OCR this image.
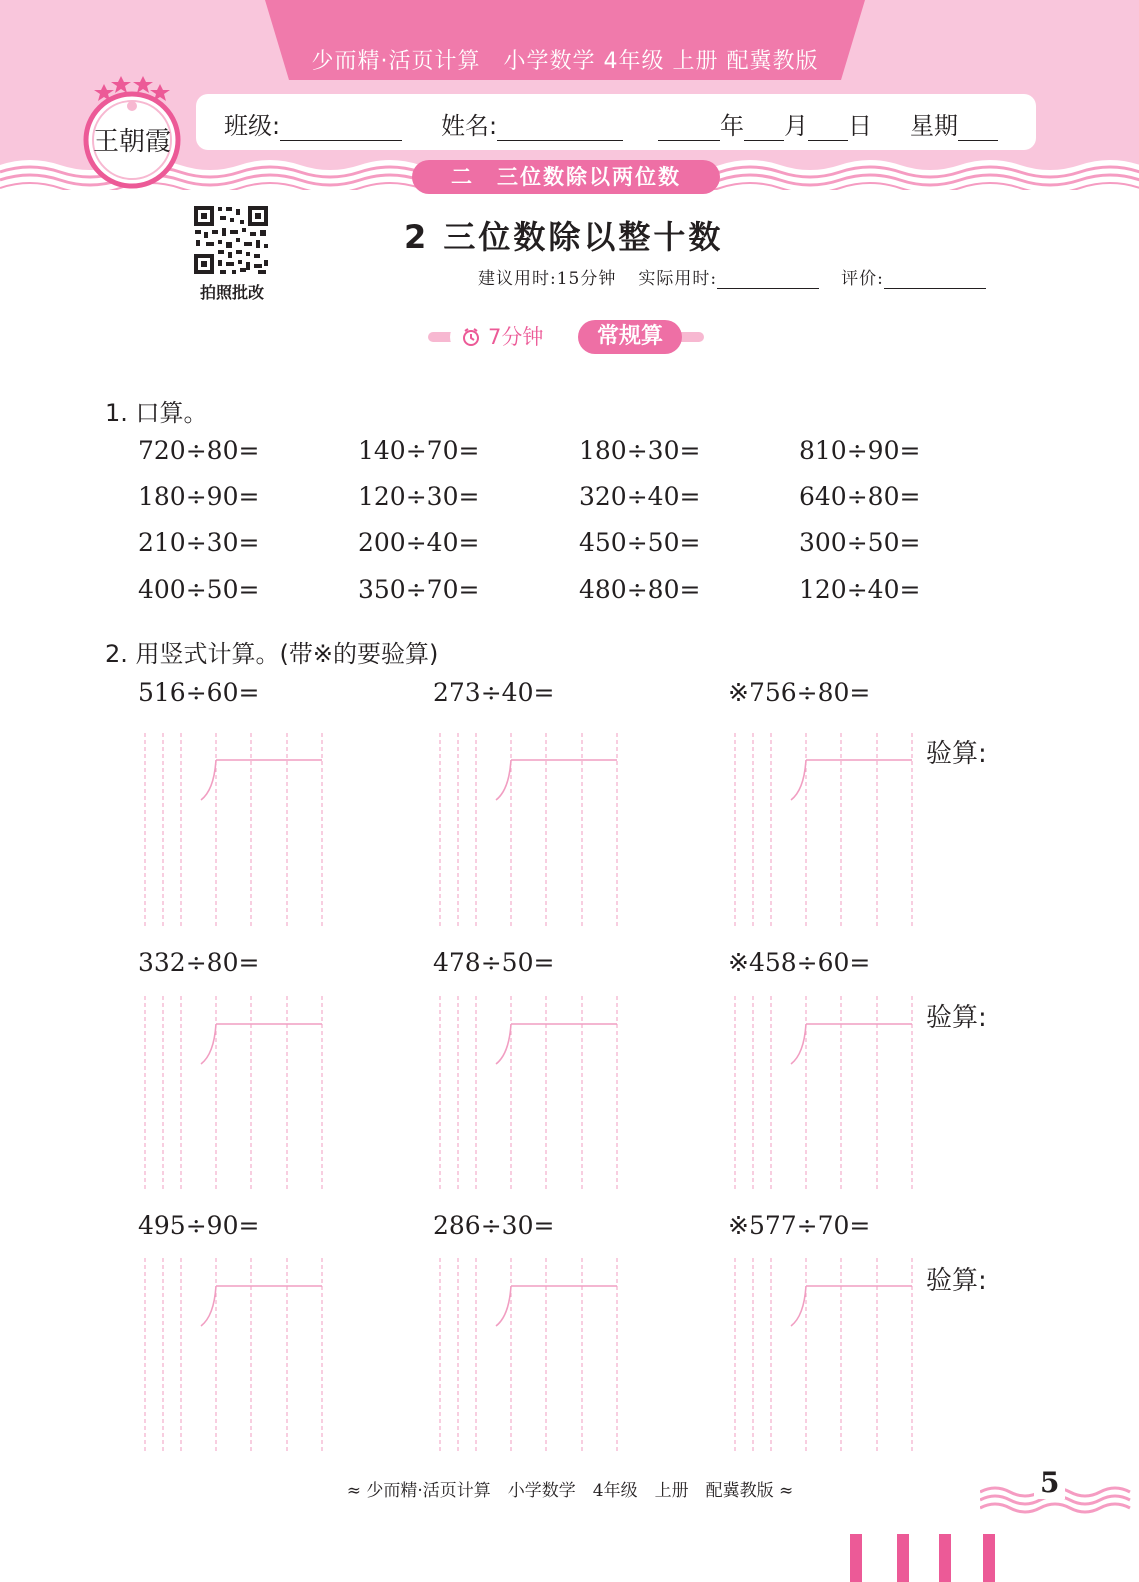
少而精·活页计算　小学数学 4年级 上册 配冀教版
班级:	姓名:	年 月 日 星期
二　三位数除以两位数
王朝霞
拍照批改
2 三位数除以整十数
建议用时:15分钟 实际用时:	评价:
7分钟	常规算
1. 口算。
720÷80=	140÷70=	180÷30=	810÷90=
180÷90=	120÷30=	320÷40=	640÷80=
210÷30=	200÷40=	450÷50=	300÷50=
400÷50=	350÷70=	480÷80=	120÷40=
2. 用竖式计算。(带※的要验算)
516÷60=	273÷40=	※756÷80=
验算:
332÷80=	478÷50=	※458÷60=
验算:
495÷90=	286÷30=	※577÷70=
验算:
≈ 少而精·活页计算　小学数学　4年级　上册　配冀教版 ≈	5
